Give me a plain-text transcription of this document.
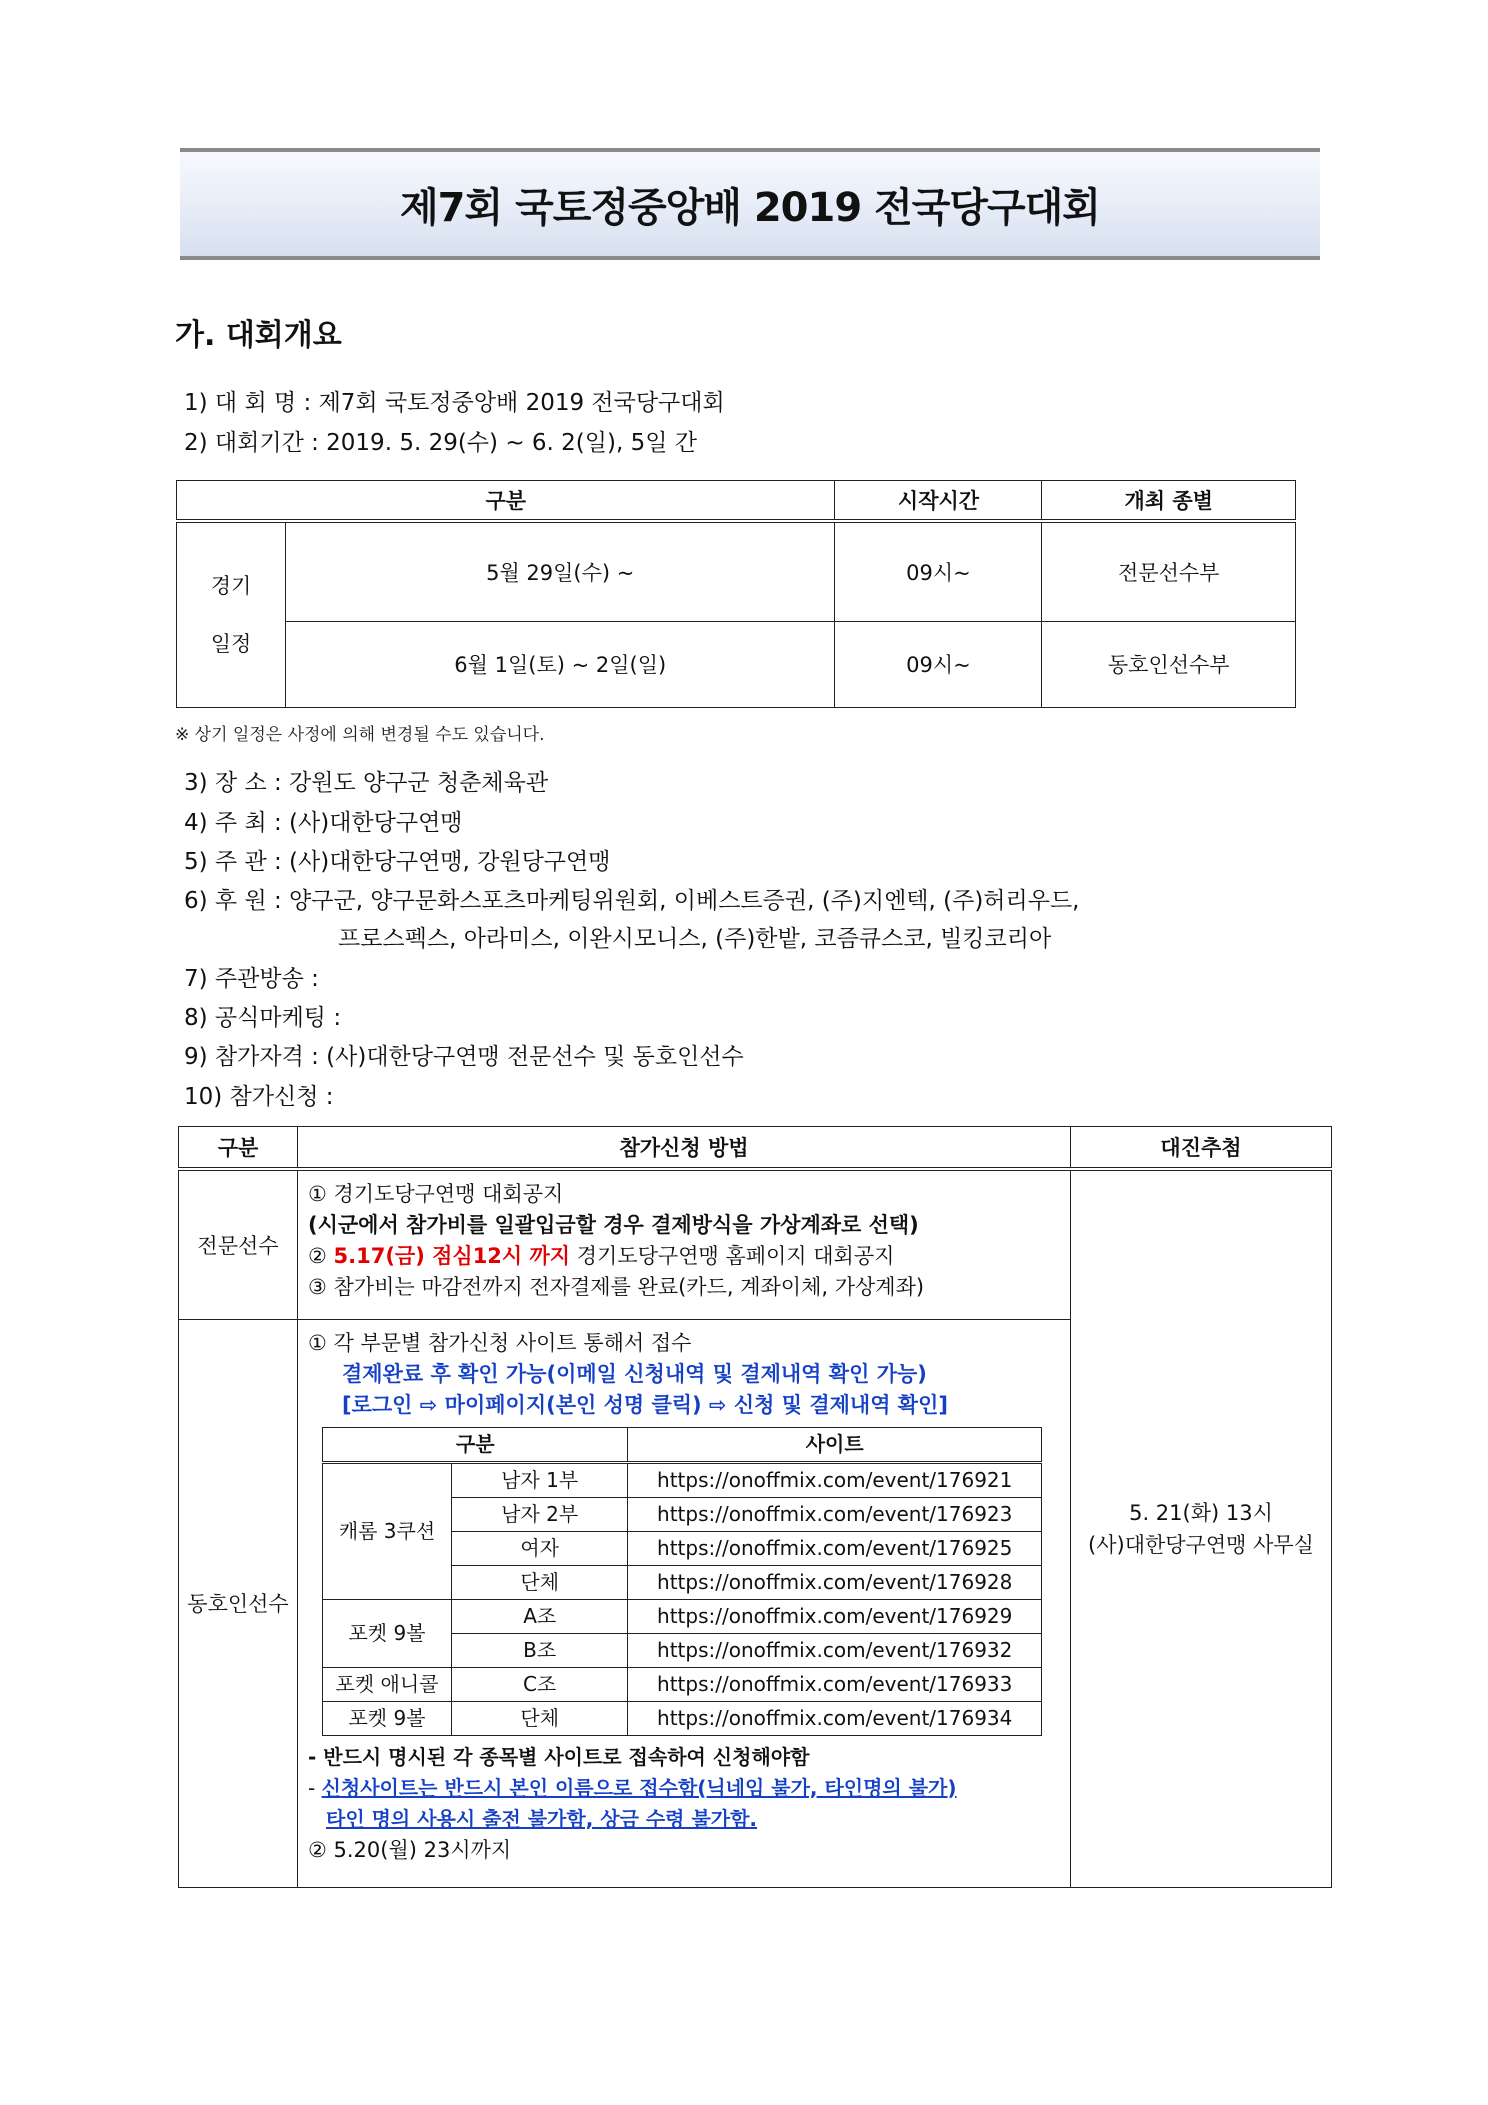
제7회 국토정중앙배 2019 전국당구대회
가. 대회개요
1) 대 회 명 : 제7회 국토정중앙배 2019 전국당구대회
2) 대회기간 : 2019. 5. 29(수) ~ 6. 2(일), 5일 간
구분		시작시간	개최 종별

경기
일정	5월 29일(수) ~	09시~	전문선수부
	6월 1일(토) ~ 2일(일)	09시~	동호인선수부
※ 상기 일정은 사정에 의해 변경될 수도 있습니다.
3) 장 소 : 강원도 양구군 청춘체육관
4) 주 최 : (사)대한당구연맹
5) 주 관 : (사)대한당구연맹, 강원당구연맹
6) 후 원 : 양구군, 양구문화스포츠마케팅위원회, 이베스트증권, (주)지엔텍, (주)허리우드,
프로스펙스, 아라미스, 이완시모니스, (주)한밭, 코즘큐스코, 빌킹코리아
7) 주관방송 :
8) 공식마케팅 :
9) 참가자격 : (사)대한당구연맹 전문선수 및 동호인선수
10) 참가신청 :
구분	참가신청 방법	대진추첨
전문선수	
① 경기도당구연맹 대회공지
(시군에서 참가비를 일괄입금할 경우 결제방식을 가상계좌로 선택)
② 5.17(금) 점심12시 까지 경기도당구연맹 홈페이지 대회공지
③ 참가비는 마감전까지 전자결제를 완료(카드, 계좌이체, 가상계좌)

5. 21(화) 13시
(사)대한당구연맹 사무실

동호인선수	
① 각 부문별 참가신청 사이트 통해서 접수
결제완료 후 확인 가능(이메일 신청내역 및 결제내역 확인 가능)
[로그인 ⇨ 마이페이지(본인 성명 클릭) ⇨ 신청 및 결제내역 확인]
구분	사이트
캐롬 3쿠션	남자 1부	https://onoffmix.com/event/176921
남자 2부	https://onoffmix.com/event/176923
여자	https://onoffmix.com/event/176925
단체	https://onoffmix.com/event/176928
포켓 9볼	A조	https://onoffmix.com/event/176929
B조	https://onoffmix.com/event/176932
포켓 애니콜	C조	https://onoffmix.com/event/176933
포켓 9볼	단체	https://onoffmix.com/event/176934
- 반드시 명시된 각 종목별 사이트로 접속하여 신청해야함
- 신청사이트는 반드시 본인 이름으로 접수함(닉네임 불가, 타인명의 불가)
타인 명의 사용시 출전 불가함, 상금 수령 불가함.
② 5.20(월) 23시까지
